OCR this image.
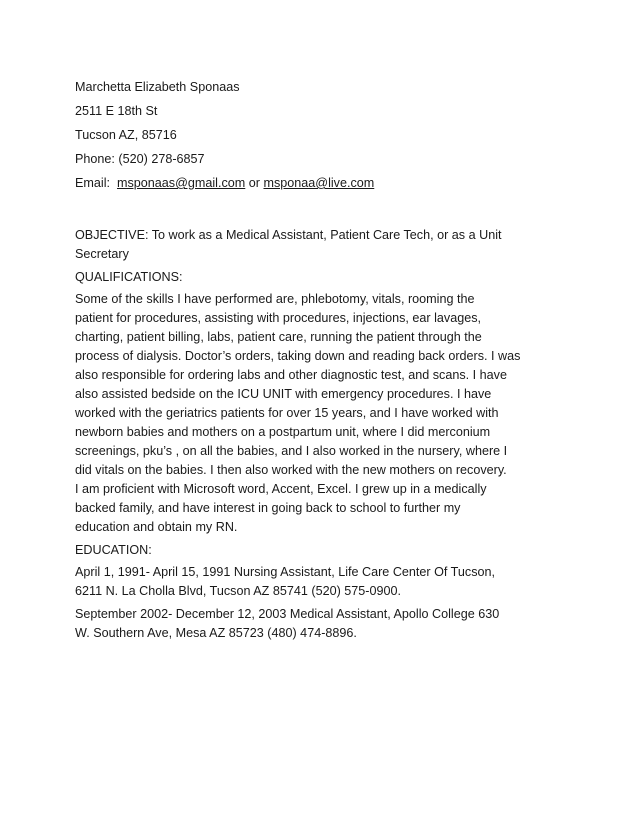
Marchetta Elizabeth Sponaas
2511 E 18th St
Tucson AZ, 85716
Phone: (520) 278-6857
Email:  msponaas@gmail.com or msponaa@live.com
OBJECTIVE: To work as a Medical Assistant, Patient Care Tech, or as a Unit
Secretary
QUALIFICATIONS:
Some of the skills I have performed are, phlebotomy, vitals, rooming the
patient for procedures, assisting with procedures, injections, ear lavages,
charting, patient billing, labs, patient care, running the patient through the
process of dialysis. Doctor’s orders, taking down and reading back orders. I was
also responsible for ordering labs and other diagnostic test, and scans. I have
also assisted bedside on the ICU UNIT with emergency procedures. I have
worked with the geriatrics patients for over 15 years, and I have worked with
newborn babies and mothers on a postpartum unit, where I did merconium
screenings, pku’s , on all the babies, and I also worked in the nursery, where I
did vitals on the babies. I then also worked with the new mothers on recovery.
I am proficient with Microsoft word, Accent, Excel. I grew up in a medically
backed family, and have interest in going back to school to further my
education and obtain my RN.
EDUCATION:
April 1, 1991- April 15, 1991 Nursing Assistant, Life Care Center Of Tucson,
6211 N. La Cholla Blvd, Tucson AZ 85741 (520) 575-0900.
September 2002- December 12, 2003 Medical Assistant, Apollo College 630
W. Southern Ave, Mesa AZ 85723 (480) 474-8896.
